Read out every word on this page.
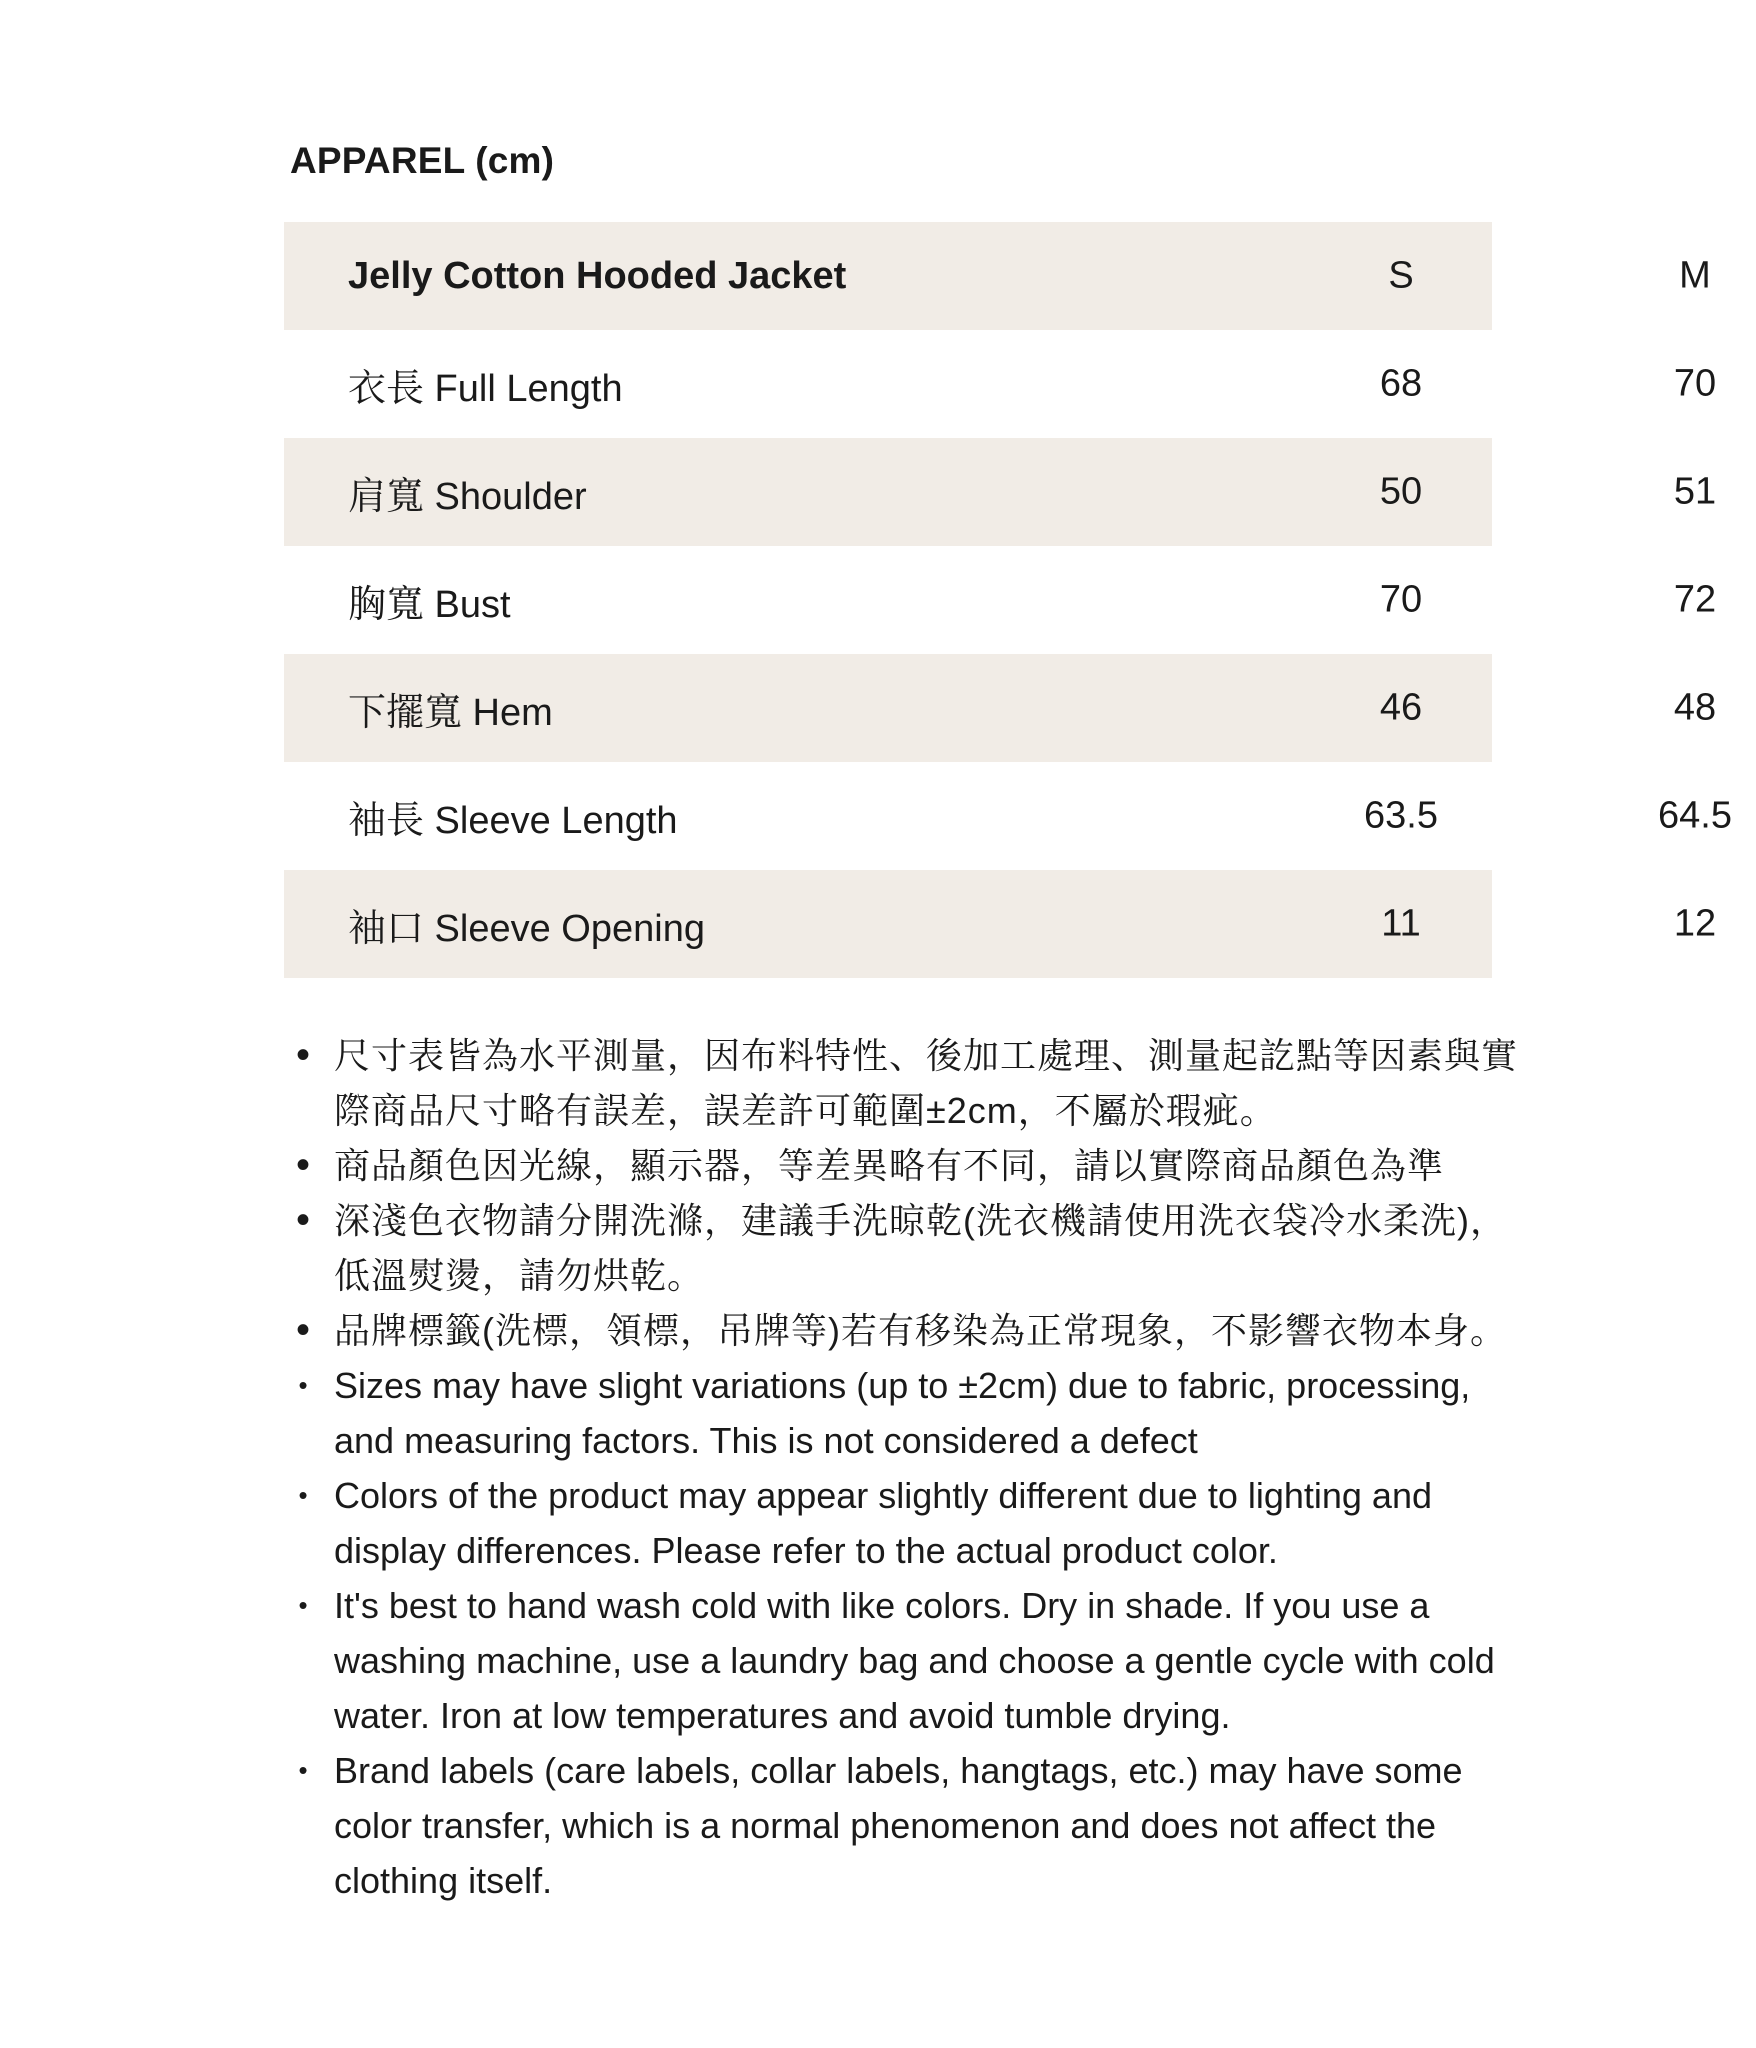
APPAREL (cm)
Jelly Cotton Hooded Jacket	S	M
衣長 Full Length	68	70
肩寬 Shoulder	50	51
胸寬 Bust	70	72
下擺寬 Hem	46	48
袖長 Sleeve Length	63.5	64.5
袖口 Sleeve Opening	11	12
• 尺寸表皆為水平測量，因布料特性、後加工處理、測量起訖點等因素與實際商品尺寸略有誤差，誤差許可範圍±2cm，不屬於瑕疵。
• 商品顏色因光線，顯示器，等差異略有不同，請以實際商品顏色為準
• 深淺色衣物請分開洗滌，建議手洗晾乾(洗衣機請使用洗衣袋冷水柔洗)，低溫熨燙，請勿烘乾。
• 品牌標籤(洗標，領標，吊牌等)若有移染為正常現象，不影響衣物本身。
• Sizes may have slight variations (up to ±2cm) due to fabric, processing, and measuring factors. This is not considered a defect
• Colors of the product may appear slightly different due to lighting and display differences. Please refer to the actual product color.
• It's best to hand wash cold with like colors. Dry in shade. If you use a washing machine, use a laundry bag and choose a gentle cycle with cold water. Iron at low temperatures and avoid tumble drying.
• Brand labels (care labels, collar labels, hangtags, etc.) may have some color transfer, which is a normal phenomenon and does not affect the clothing itself.
